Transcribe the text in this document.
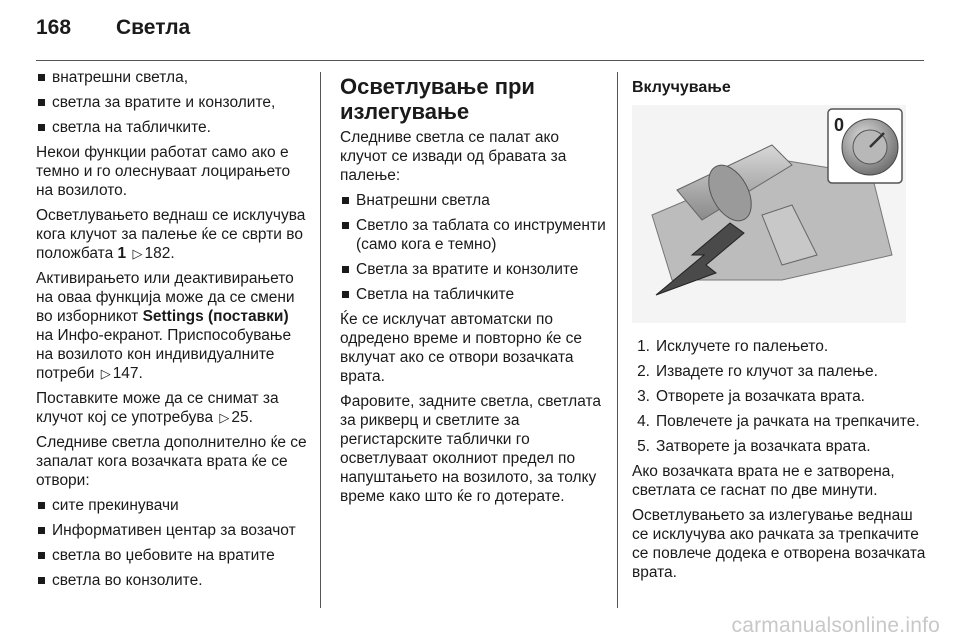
168	Светла
внатрешни светла,
светла за вратите и конзолите,
светла на табличките.

Некои функции работат само ако е темно и го олеснуваат лоцирањето на возилото.

Осветлувањето веднаш се исклучува кога клучот за палење ќе се сврти во положбата 1 ▷ 182.

Активирањето или деактивирањето на оваа функција може да се смени во изборникот Settings (поставки) на Инфо-екранот. Приспособување на возилото кон индивидуалните потреби ▷ 147.

Поставките може да се снимат за клучот кој се употребува ▷ 25.

Следниве светла дополнително ќе се запалат кога возачката врата ќе се отвори:

сите прекинувачи
Информативен центар за возачот
светла во џебовите на вратите
светла во конзолите.
Осветлување при излегување

Следниве светла се палат ако клучот се извади од бравата за палење:

Внатрешни светла
Светло за таблата со инструменти (само кога е темно)
Светла за вратите и конзолите
Светла на табличките

Ќе се исклучат автоматски по одредено време и повторно ќе се вклучат ако се отвори возачката врата.

Фаровите, задните светла, светлата за рикверц и светлите за регистарските таблички го осветлуваат околниот предел по напуштањето на возилото, за толку време како што ќе го дотерате.

Вклучување
0
1. Исклучете го палењето.
2. Извадете го клучот за палење.
3. Отворете ја возачката врата.
4. Повлечете ја рачката на трепкачите.
5. Затворете ја возачката врата.

Ако возачката врата не е затворена, светлата се гаснат по две минути.

Осветлувањето за излегување веднаш се исклучува ако рачката за трепкачите се повлече додека е отворена возачката врата.

carmanualsonline.info
